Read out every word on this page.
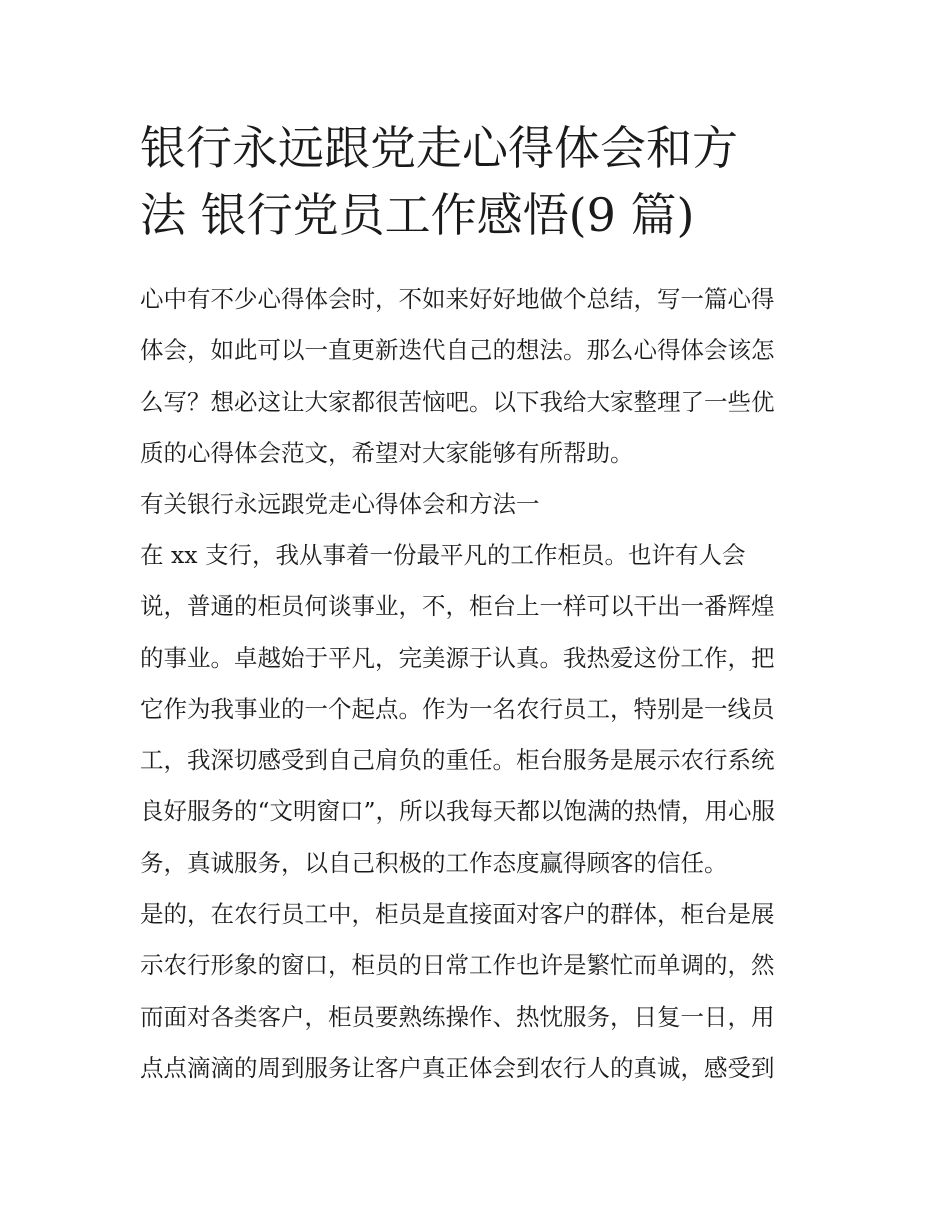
银行永远跟党走心得体会和方
法 银行党员工作感悟(9 篇)
心中有不少心得体会时，不如来好好地做个总结，写一篇心得
体会，如此可以一直更新迭代自己的想法。那么心得体会该怎
么写？想必这让大家都很苦恼吧。以下我给大家整理了一些优
质的心得体会范文，希望对大家能够有所帮助。
有关银行永远跟党走心得体会和方法一
在 xx 支行，我从事着一份最平凡的工作柜员。也许有人会
说，普通的柜员何谈事业，不，柜台上一样可以干出一番辉煌
的事业。卓越始于平凡，完美源于认真。我热爱这份工作，把
它作为我事业的一个起点。作为一名农行员工，特别是一线员
工，我深切感受到自己肩负的重任。柜台服务是展示农行系统
良好服务的“文明窗口”，所以我每天都以饱满的热情，用心服
务，真诚服务，以自己积极的工作态度赢得顾客的信任。
是的，在农行员工中，柜员是直接面对客户的群体，柜台是展
示农行形象的窗口，柜员的日常工作也许是繁忙而单调的，然
而面对各类客户，柜员要熟练操作、热忱服务，日复一日，用
点点滴滴的周到服务让客户真正体会到农行人的真诚，感受到
